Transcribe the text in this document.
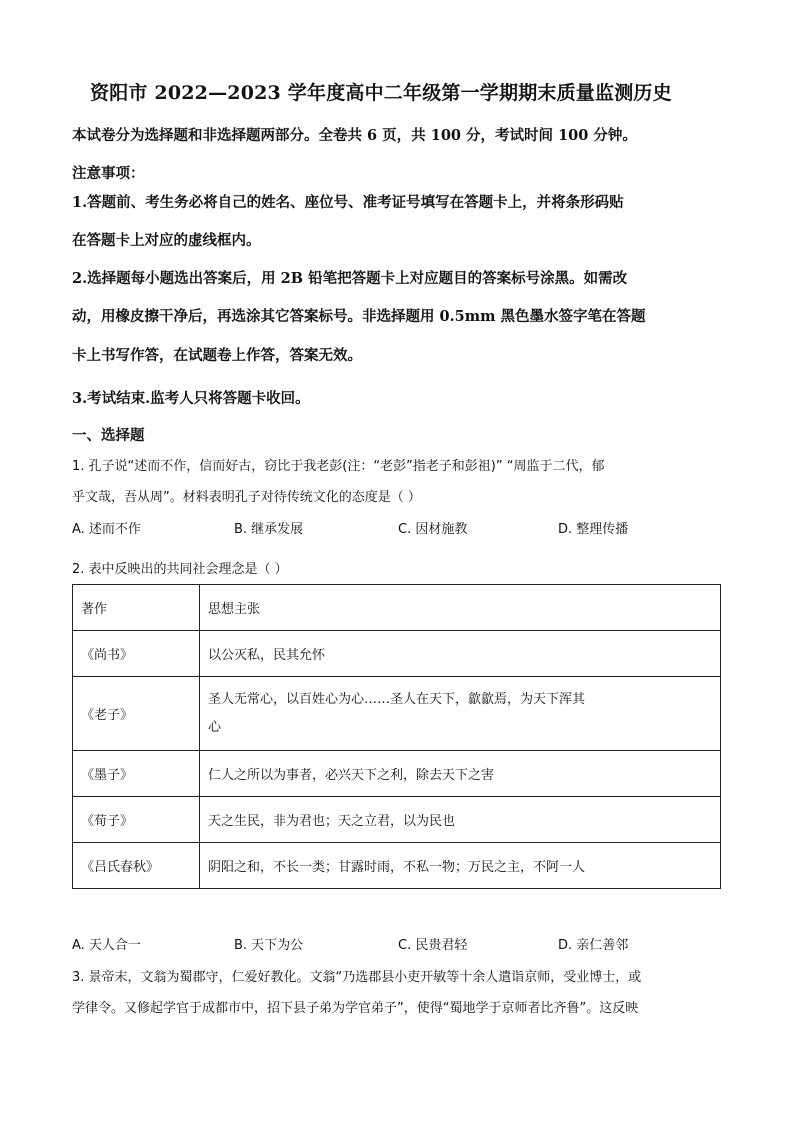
资阳市 2022—2023 学年度高中二年级第一学期期末质量监测历史
本试卷分为选择题和非选择题两部分。全卷共 6 页，共 100 分，考试时间 100 分钟。
注意事项：
1.答题前、考生务必将自己的姓名、座位号、准考证号填写在答题卡上，并将条形码贴
在答题卡上对应的虚线框内。
2.选择题每小题选出答案后，用 2B 铅笔把答题卡上对应题目的答案标号涂黑。如需改
动，用橡皮擦干净后，再选涂其它答案标号。非选择题用 0.5mm 黑色墨水签字笔在答题
卡上书写作答，在试题卷上作答，答案无效。
3.考试结束.监考人只将答题卡收回。
一、选择题
1. 孔子说“述而不作，信而好古，窃比于我老彭(注：“老彭”指老子和彭祖)” “周监于二代，郁
乎文哉，吾从周”。材料表明孔子对待传统文化的态度是（ ）
A. 述而不作	B. 继承发展	C. 因材施教	D. 整理传播
2. 表中反映出的共同社会理念是（ ）
著作	思想主张
《尚书》	以公灭私，民其允怀
《老子》	圣人无常心，以百姓心为心……圣人在天下，歙歙焉，为天下浑其
心

《墨子》	仁人之所以为事者，必兴天下之利，除去天下之害
《荀子》	天之生民，非为君也；天之立君，以为民也
《吕氏春秋》	阴阳之和，不长一类；甘露时雨，不私一物；万民之主，不阿一人
A. 天人合一	B. 天下为公	C. 民贵君轻	D. 亲仁善邻
3. 景帝末，文翁为蜀郡守，仁爱好教化。文翁“乃选郡县小吏开敏等十余人遣诣京师，受业博士，或
学律令。又修起学官于成都市中，招下县子弟为学官弟子”，使得“蜀地学于京师者比齐鲁”。这反映
